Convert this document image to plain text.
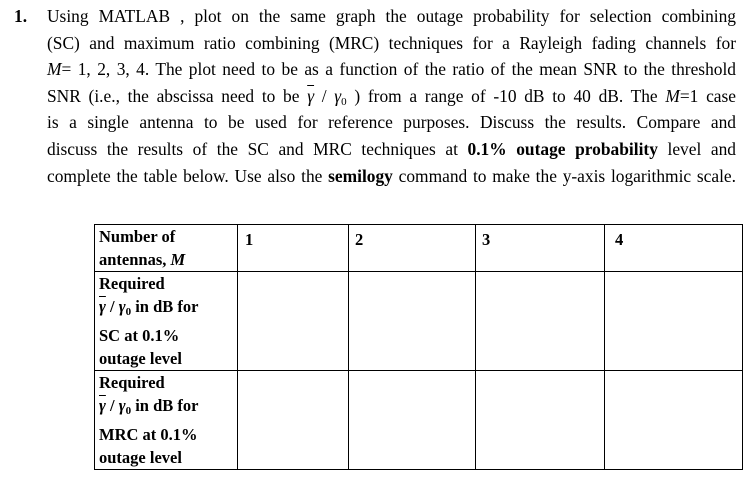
1. Using MATLAB , plot on the same graph the outage probability for selection combining
(SC) and maximum ratio combining (MRC) techniques for a Rayleigh fading channels for
M= 1, 2, 3, 4. The plot need to be as a function of the ratio of the mean SNR to the threshold
SNR (i.e., the abscissa need to be $\overline{\gamma} / \gamma 0$ ) from a range of -10 dB to 40 dB. The M=1 case
is a single antenna to be used for reference purposes. Discuss the results. Compare and
discuss the results of the SC and MRC techniques at 0.1% outage probability level and
complete the table below. Use also the semilogy command to make the y-axis logarithmic scale.
Number of
antennas, M	1	2	3	4

Required
$\overline{\gamma} / \gamma 0$ in dB for
SC at 0.1%
outage level				

Required
$\overline{\gamma} / \gamma 0$ in dB for
MRC at 0.1%
outage level				
